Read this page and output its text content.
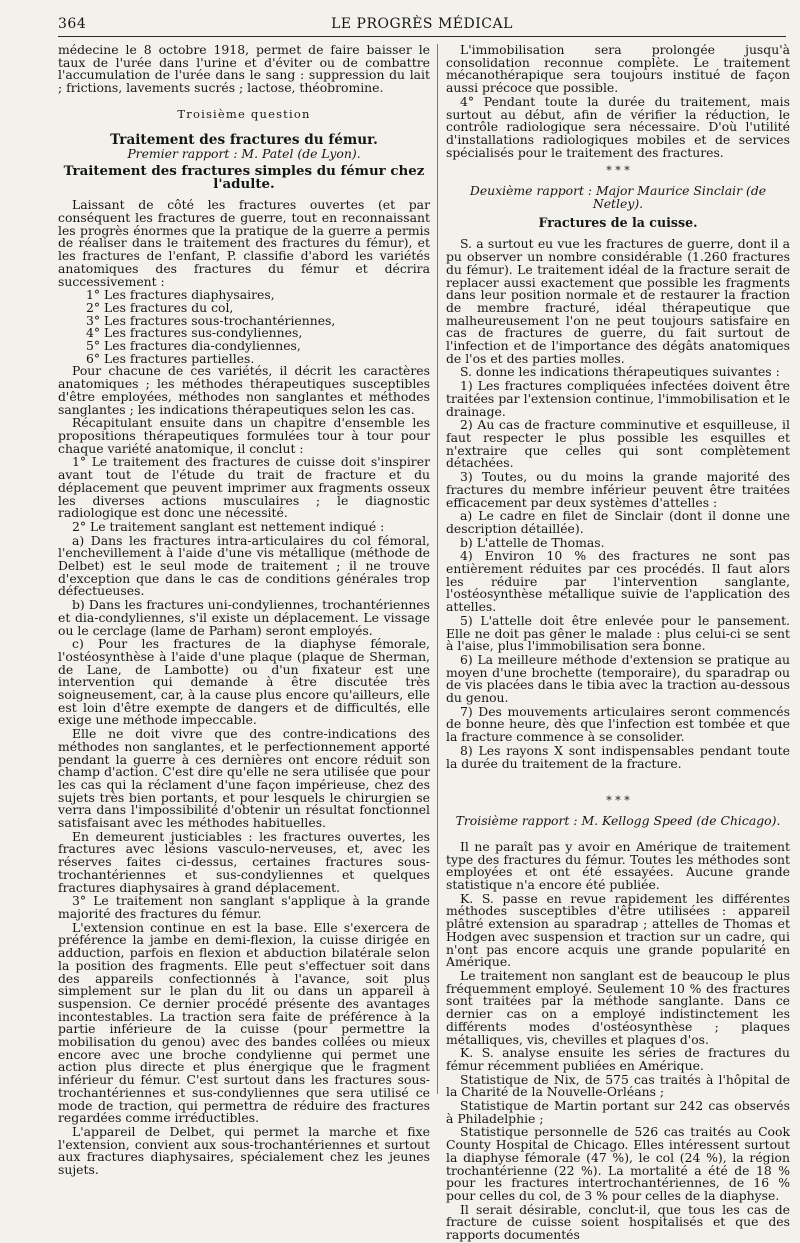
364	LE PROGRÈS MÉDICAL

médecine le 8 octobre 1918, permet de faire baisser le taux de l'urée dans l'urine et d'éviter ou de combattre l'accumulation de l'urée dans le sang : suppression du lait ; frictions, lavements sucrés ; lactose, théobromine.

Troisième question
Traitement des fractures du fémur.
Premier rapport : M. Patel (de Lyon).
Traitement des fractures simples du fémur chez l'adulte.

Laissant de côté les fractures ouvertes (et par conséquent les fractures de guerre, tout en reconnaissant les progrès énormes que la pratique de la guerre a permis de réaliser dans le traitement des fractures du fémur), et les fractures de l'enfant, P. classifie d'abord les variétés anatomiques des fractures du fémur et décrira successivement :

1° Les fractures diaphysaires,
2° Les fractures du col,
3° Les fractures sous-trochantériennes,
4° Les fractures sus-condyliennes,
5° Les fractures dia-condyliennes,
6° Les fractures partielles.

Pour chacune de ces variétés, il décrit les caractères anatomiques ; les méthodes thérapeutiques susceptibles d'être employées, méthodes non sanglantes et méthodes sanglantes ; les indications thérapeutiques selon les cas.

Récapitulant ensuite dans un chapitre d'ensemble les propositions thérapeutiques formulées tour à tour pour chaque variété anatomique, il conclut :

1° Le traitement des fractures de cuisse doit s'inspirer avant tout de l'étude du trait de fracture et du déplacement que peuvent imprimer aux fragments osseux les diverses actions musculaires ; le diagnostic radiologique est donc une nécessité.

2° Le traitement sanglant est nettement indiqué :

a) Dans les fractures intra-articulaires du col fémoral, l'enchevillement à l'aide d'une vis métallique (méthode de Delbet) est le seul mode de traitement ; il ne trouve d'exception que dans le cas de conditions générales trop défectueuses.

b) Dans les fractures uni-condyliennes, trochantériennes et dia-condyliennes, s'il existe un déplacement. Le vissage ou le cerclage (lame de Parham) seront employés.

c) Pour les fractures de la diaphyse fémorale, l'ostéosynthèse à l'aide d'une plaque (plaque de Sherman, de Lane, de Lambotte) ou d'un fixateur est une intervention qui demande à être discutée très soigneusement, car, à la cause plus encore qu'ailleurs, elle est loin d'être exempte de dangers et de difficultés, elle exige une méthode impeccable.

Elle ne doit vivre que des contre-indications des méthodes non sanglantes, et le perfectionnement apporté pendant la guerre à ces dernières ont encore réduit son champ d'action. C'est dire qu'elle ne sera utilisée que pour les cas qui la réclament d'une façon impérieuse, chez des sujets très bien portants, et pour lesquels le chirurgien se verra dans l'impossibilité d'obtenir un résultat fonctionnel satisfaisant avec les méthodes habituelles.

En demeurent justiciables : les fractures ouvertes, les fractures avec lésions vasculo-nerveuses, et, avec les réserves faites ci-dessus, certaines fractures sous-trochantériennes et sus-condyliennes et quelques fractures diaphysaires à grand déplacement.

3° Le traitement non sanglant s'applique à la grande majorité des fractures du fémur.

L'extension continue en est la base. Elle s'exercera de préférence la jambe en demi-flexion, la cuisse dirigée en adduction, parfois en flexion et abduction bilatérale selon la position des fragments. Elle peut s'effectuer soit dans des appareils confectionnés à l'avance, soit plus simplement sur le plan du lit ou dans un appareil à suspension. Ce dernier procédé présente des avantages incontestables. La traction sera faite de préférence à la partie inférieure de la cuisse (pour permettre la mobilisation du genou) avec des bandes collées ou mieux encore avec une broche condylienne qui permet une action plus directe et plus énergique que le fragment inférieur du fémur. C'est surtout dans les fractures sous-trochantériennes et sus-condyliennes que sera utilisé ce mode de traction, qui permettra de réduire des fractures regardées comme irréductibles.

L'appareil de Delbet, qui permet la marche et fixe l'extension, convient aux sous-trochantériennes et surtout aux fractures diaphysaires, spécialement chez les jeunes sujets.

L'immobilisation sera prolongée jusqu'à consolidation reconnue complète. Le traitement mécanothérapique sera toujours institué de façon aussi précoce que possible.

4° Pendant toute la durée du traitement, mais surtout au début, afin de vérifier la réduction, le contrôle radiologique sera nécessaire. D'où l'utilité d'installations radiologiques mobiles et de services spécialisés pour le traitement des fractures.

* * *
Deuxième rapport : Major Maurice Sinclair (de Netley).
Fractures de la cuisse.

S. a surtout eu vue les fractures de guerre, dont il a pu observer un nombre considérable (1.260 fractures du fémur). Le traitement idéal de la fracture serait de replacer aussi exactement que possible les fragments dans leur position normale et de restaurer la fraction de membre fracturé, idéal thérapeutique que malheureusement l'on ne peut toujours satisfaire en cas de fractures de guerre, du fait surtout de l'infection et de l'importance des dégâts anatomiques de l'os et des parties molles.

S. donne les indications thérapeutiques suivantes :

1) Les fractures compliquées infectées doivent être traitées par l'extension continue, l'immobilisation et le drainage.

2) Au cas de fracture comminutive et esquilleuse, il faut respecter le plus possible les esquilles et n'extraire que celles qui sont complètement détachées.

3) Toutes, ou du moins la grande majorité des fractures du membre inférieur peuvent être traitées efficacement par deux systèmes d'attelles :

a) Le cadre en filet de Sinclair (dont il donne une description détaillée).

b) L'attelle de Thomas.

4) Environ 10 % des fractures ne sont pas entièrement réduites par ces procédés. Il faut alors les réduire par l'intervention sanglante, l'ostéosynthèse métallique suivie de l'application des attelles.

5) L'attelle doit être enlevée pour le pansement. Elle ne doit pas gêner le malade : plus celui-ci se sent à l'aise, plus l'immobilisation sera bonne.

6) La meilleure méthode d'extension se pratique au moyen d'une brochette (temporaire), du sparadrap ou de vis placées dans le tibia avec la traction au-dessous du genou.

7) Des mouvements articulaires seront commencés de bonne heure, dès que l'infection est tombée et que la fracture commence à se consolider.

8) Les rayons X sont indispensables pendant toute la durée du traitement de la fracture.

* * *
Troisième rapport : M. Kellogg Speed (de Chicago).

Il ne paraît pas y avoir en Amérique de traitement type des fractures du fémur. Toutes les méthodes sont employées et ont été essayées. Aucune grande statistique n'a encore été publiée.

K. S. passe en revue rapidement les différentes méthodes susceptibles d'être utilisées : appareil plâtré extension au sparadrap ; attelles de Thomas et Hodgen avec suspension et traction sur un cadre, qui n'ont pas encore acquis une grande popularité en Amérique.

Le traitement non sanglant est de beaucoup le plus fréquemment employé. Seulement 10 % des fractures sont traitées par la méthode sanglante. Dans ce dernier cas on a employé indistinctement les différents modes d'ostéosynthèse ; plaques métalliques, vis, chevilles et plaques d'os.

K. S. analyse ensuite les séries de fractures du fémur récemment publiées en Amérique.

Statistique de Nix, de 575 cas traités à l'hôpital de la Charité de la Nouvelle-Orléans ;

Statistique de Martin portant sur 242 cas observés à Philadelphie ;

Statistique personnelle de 526 cas traités au Cook County Hospital de Chicago. Elles intéressent surtout la diaphyse fémorale (47 %), le col (24 %), la région trochantérienne (22 %). La mortalité a été de 18 % pour les fractures intertrochantériennes, de 16 % pour celles du col, de 3 % pour celles de la diaphyse.

Il serait désirable, conclut-il, que tous les cas de fracture de cuisse soient hospitalisés et que des rapports documentés
